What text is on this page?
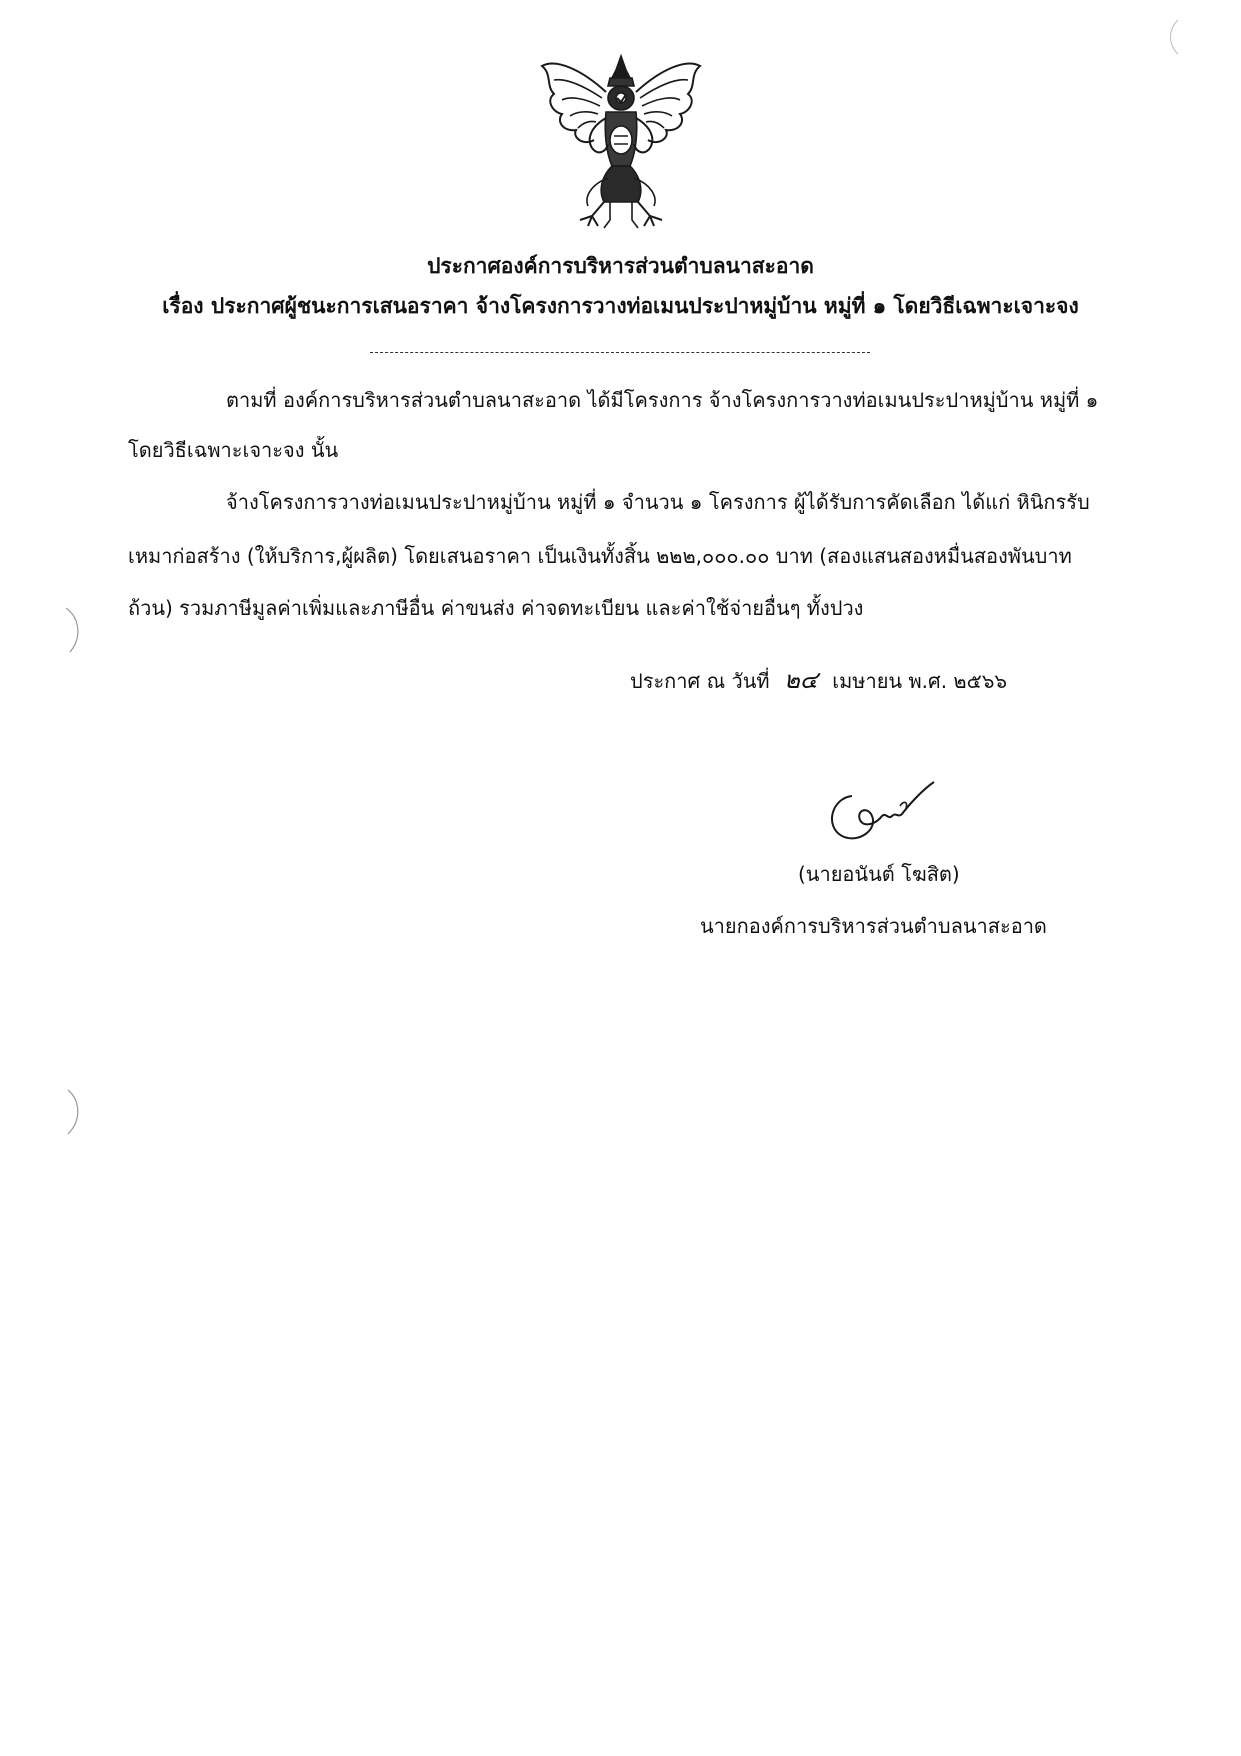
ประกาศองค์การบริหารส่วนตำบลนาสะอาด
เรื่อง ประกาศผู้ชนะการเสนอราคา จ้างโครงการวางท่อเมนประปาหมู่บ้าน หมู่ที่ ๑ โดยวิธีเฉพาะเจาะจง
ตามที่ องค์การบริหารส่วนตำบลนาสะอาด ได้มีโครงการ จ้างโครงการวางท่อเมนประปาหมู่บ้าน หมู่ที่ ๑
โดยวิธีเฉพาะเจาะจง นั้น
จ้างโครงการวางท่อเมนประปาหมู่บ้าน หมู่ที่ ๑ จำนวน ๑ โครงการ ผู้ได้รับการคัดเลือก ได้แก่ หินิกรรับ
เหมาก่อสร้าง (ให้บริการ,ผู้ผลิต) โดยเสนอราคา เป็นเงินทั้งสิ้น ๒๒๒,๐๐๐.๐๐ บาท (สองแสนสองหมื่นสองพันบาท
ถ้วน) รวมภาษีมูลค่าเพิ่มและภาษีอื่น ค่าขนส่ง ค่าจดทะเบียน และค่าใช้จ่ายอื่นๆ ทั้งปวง
ประกาศ ณ วันที่ ๒๔ เมษายน พ.ศ. ๒๕๖๖
(นายอนันต์ โฆสิต)
นายกองค์การบริหารส่วนตำบลนาสะอาด
